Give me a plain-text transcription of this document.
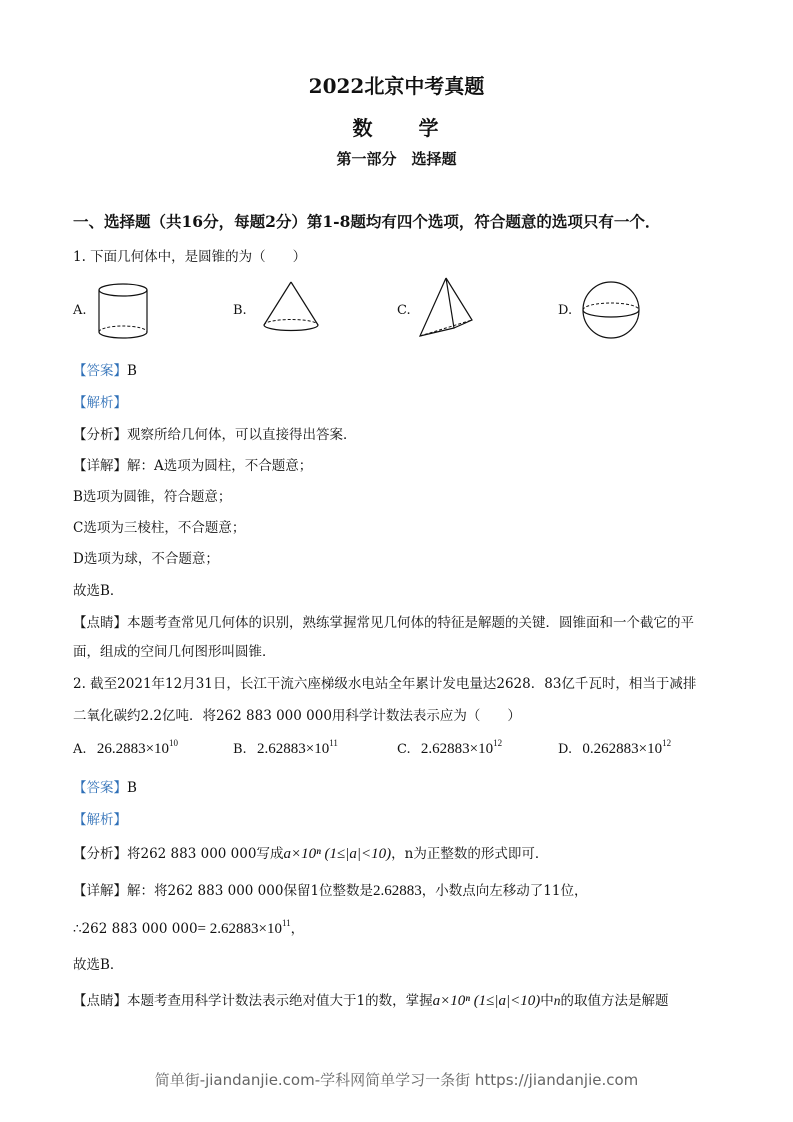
2022北京中考真题
数　　学
第一部分　选择题
一、选择题（共16分，每题2分）第1-8题均有四个选项，符合题意的选项只有一个．
1. 下面几何体中，是圆锥的为（　　）
A.	B.	C.	D.
【答案】B
【解析】
【分析】观察所给几何体，可以直接得出答案．
【详解】解：A选项为圆柱，不合题意；
B选项为圆锥，符合题意；
C选项为三棱柱，不合题意；
D选项为球，不合题意；
故选B．
【点睛】本题考查常见几何体的识别，熟练掌握常见几何体的特征是解题的关键．圆锥面和一个截它的平
面，组成的空间几何图形叫圆锥．
2. 截至2021年12月31日，长江干流六座梯级水电站全年累计发电量达2628．83亿千瓦时，相当于减排
二氧化碳约2.2亿吨．将262 883 000 000用科学计数法表示应为（　　）
A. $26.2883\times 10^{10}$	B. $2.62883\times 10^{11}$	C. $2.62883\times 10^{12}$	D. $0.262883\times 10^{12}$
【答案】B
【解析】
【分析】将262 883 000 000写成a×10ⁿ (1≤|a|<10)，n为正整数的形式即可．
【详解】解：将262 883 000 000保留1位整数是2.62883，小数点向左移动了11位，
∴262 883 000 $000= 2.62883\times 10^{11}$，
故选B．
【点睛】本题考查用科学计数法表示绝对值大于1的数，掌握a×10ⁿ (1≤|a|<10)中n的取值方法是解题
简单街-jiandanjie.com-学科网简单学习一条街 https://jiandanjie.com
